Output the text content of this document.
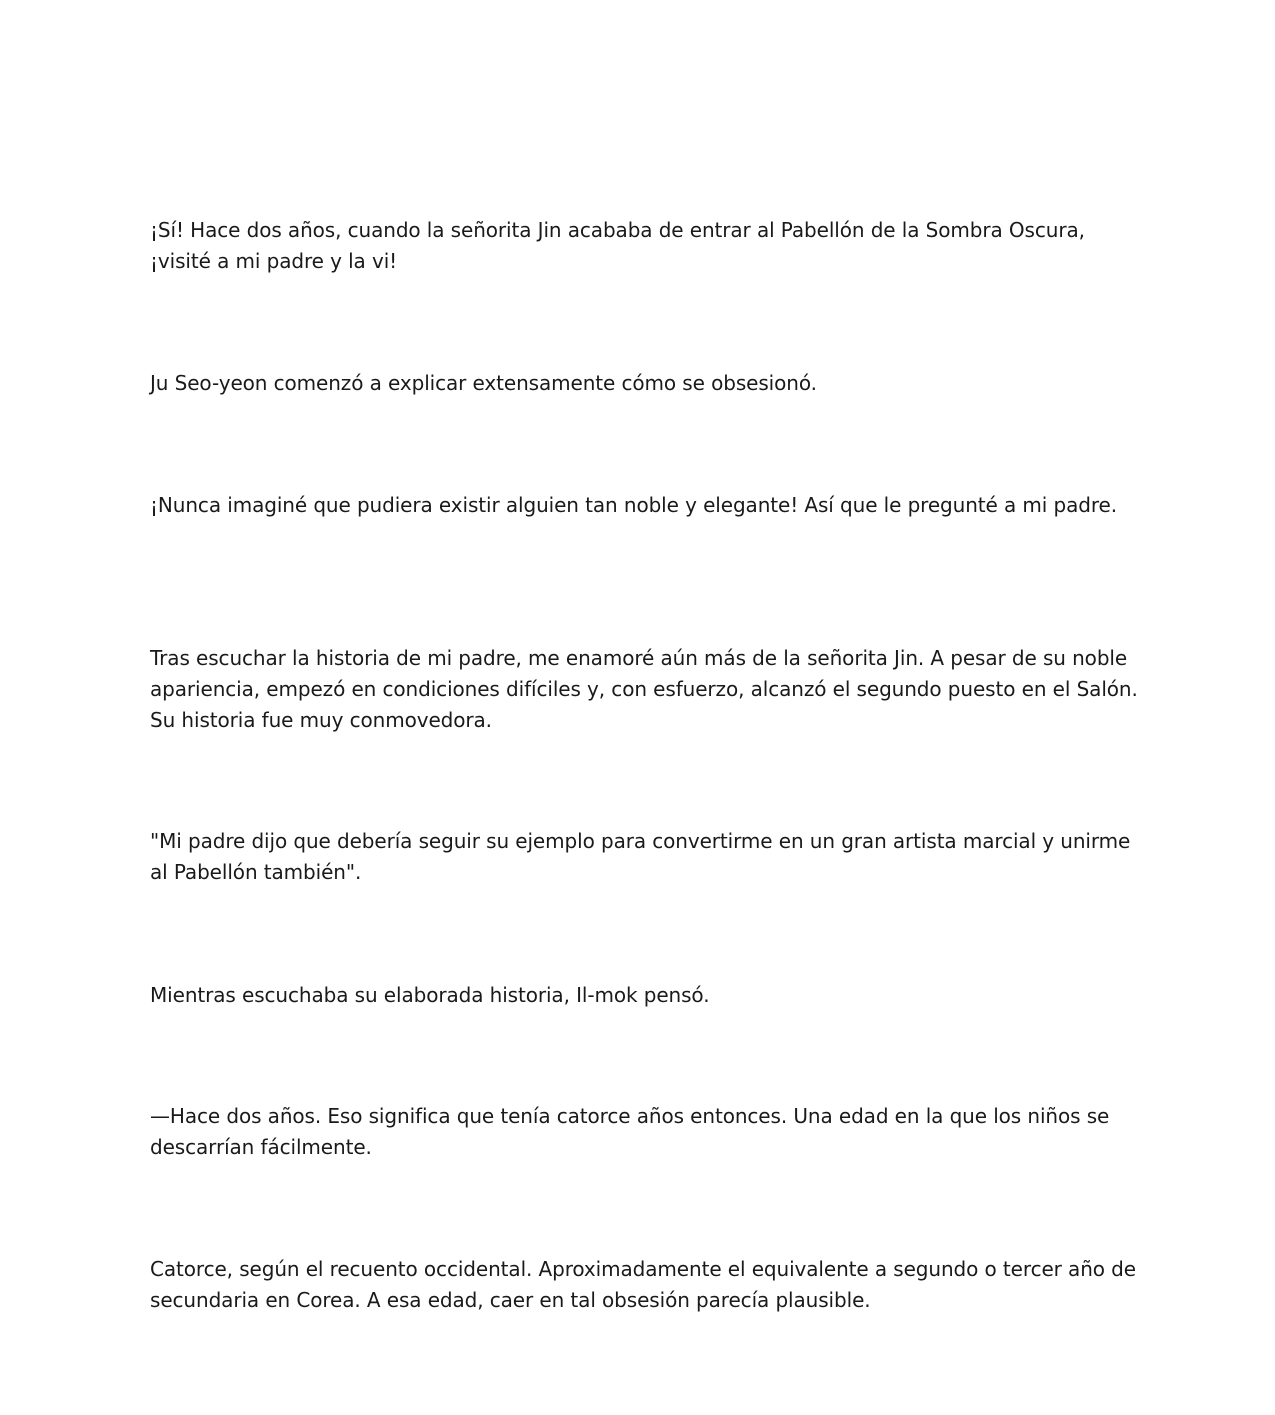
¡Sí! Hace dos años, cuando la señorita Jin acababa de entrar al Pabellón de la Sombra Oscura, ¡visité a mi padre y la vi!

Ju Seo-yeon comenzó a explicar extensamente cómo se obsesionó.

¡Nunca imaginé que pudiera existir alguien tan noble y elegante! Así que le pregunté a mi padre.

Tras escuchar la historia de mi padre, me enamoré aún más de la señorita Jin. A pesar de su noble apariencia, empezó en condiciones difíciles y, con esfuerzo, alcanzó el segundo puesto en el Salón. Su historia fue muy conmovedora.

"Mi padre dijo que debería seguir su ejemplo para convertirme en un gran artista marcial y unirme al Pabellón también".

Mientras escuchaba su elaborada historia, Il-mok pensó.

—Hace dos años. Eso significa que tenía catorce años entonces. Una edad en la que los niños se descarrían fácilmente.

Catorce, según el recuento occidental. Aproximadamente el equivalente a segundo o tercer año de secundaria en Corea. A esa edad, caer en tal obsesión parecía plausible.
